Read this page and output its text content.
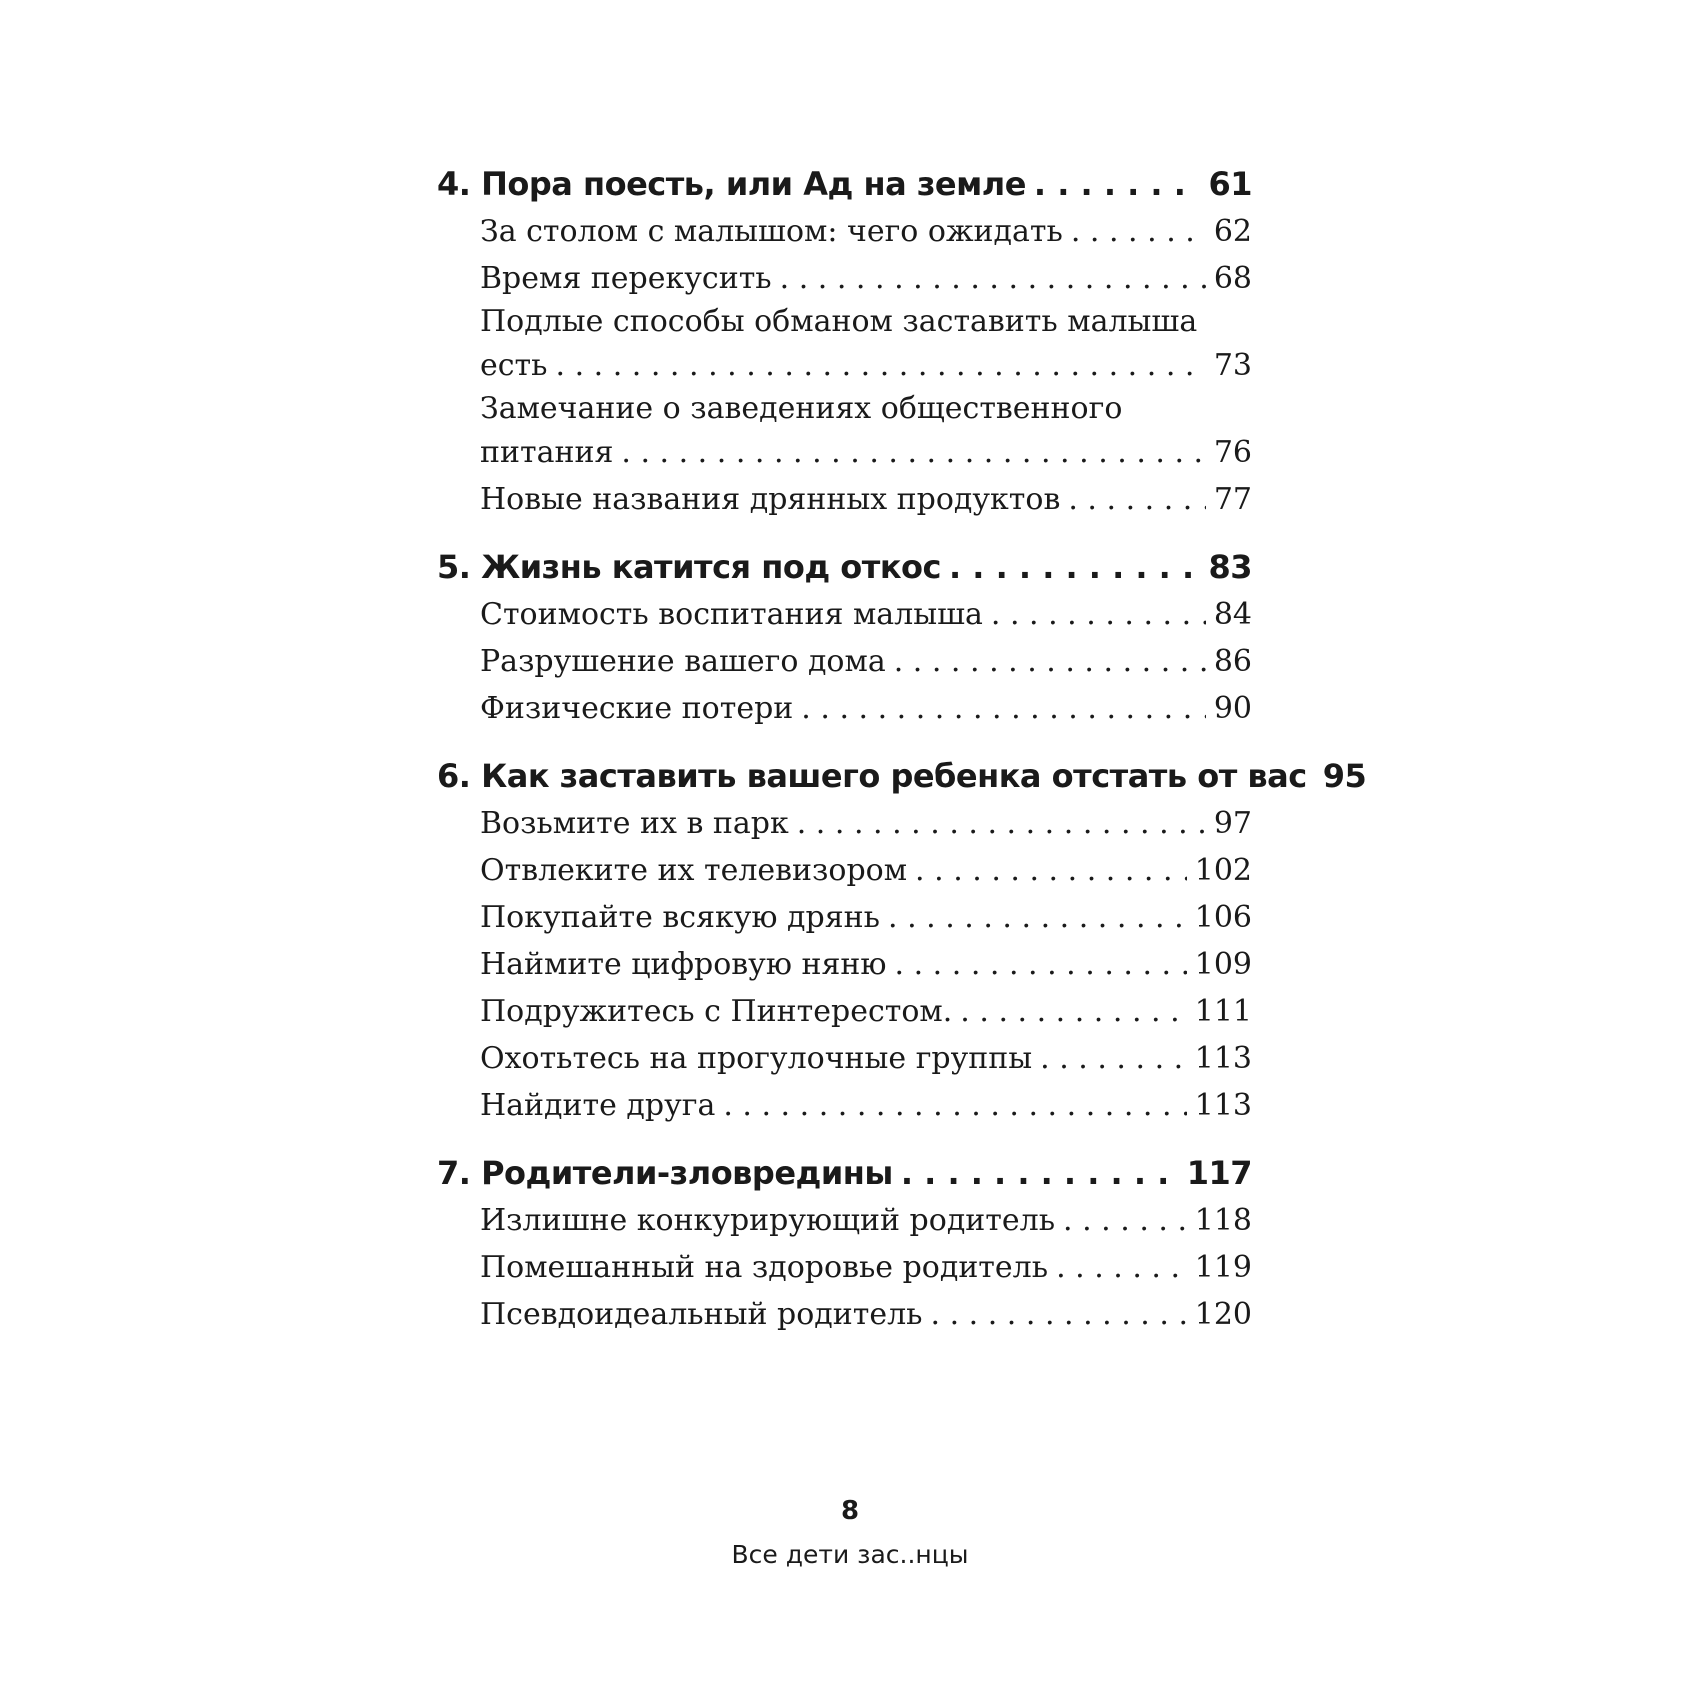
4. Пора поесть, или Ад на земле . . .	61
За столом с малышом: чего ожидать . . .	62
Время перекусить . . .	68
Подлые способы обманом заставить малыша
есть . . .	73
Замечание о заведениях общественного
питания . . .	76
Новые названия дрянных продуктов . . .	77
5. Жизнь катится под откос . . .	83
Стоимость воспитания малыша . . .	84
Разрушение вашего дома . . .	86
Физические потери . . .	90
6. Как заставить вашего ребенка отстать от вас 95
Возьмите их в парк . . .	97
Отвлеките их телевизором . . .	102
Покупайте всякую дрянь . . .	106
Наймите цифровую няню . . .	109
Подружитесь с Пинтерестом. . . .	111
Охотьтесь на прогулочные группы . . .	113
Найдите друга . . .	113
7. Родители-зловредины . . .	117
Излишне конкурирующий родитель . . .	118
Помешанный на здоровье родитель . . .	119
Псевдоидеальный родитель . . .	120
8
Все дети зас..нцы
